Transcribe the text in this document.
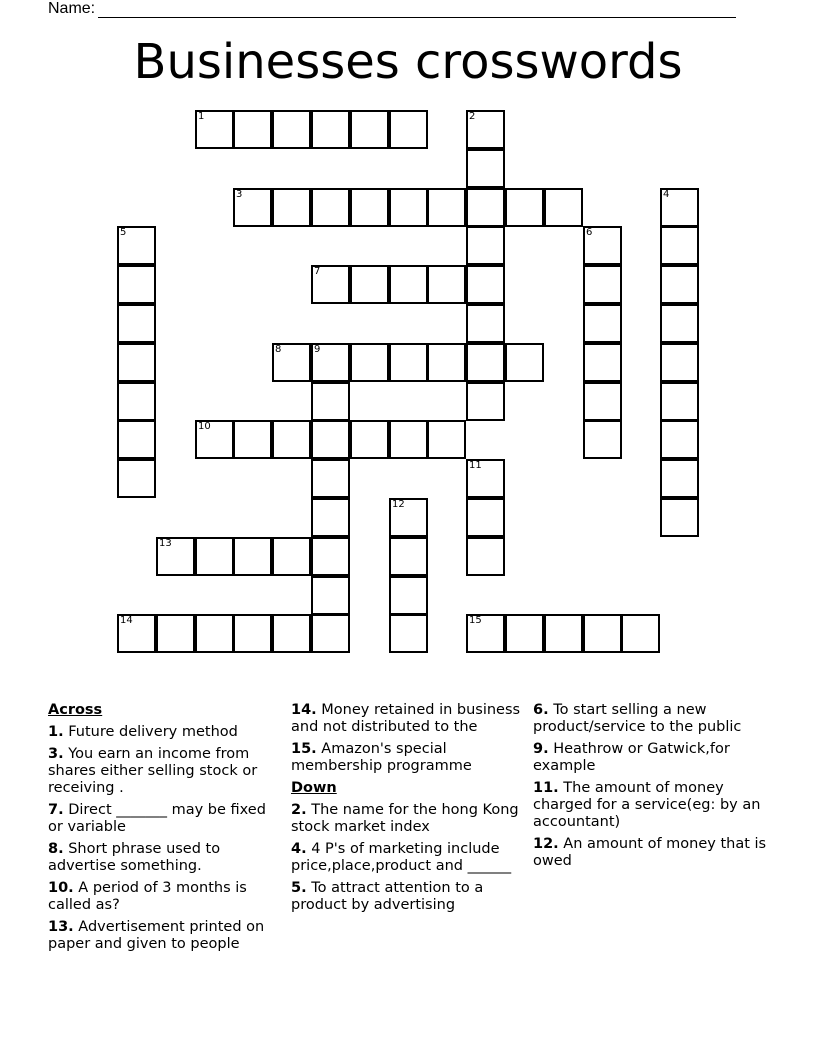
Name:
Businesses crosswords
1
3
7
8	9
10
13
14	15
2
4
5	6
11
12
Across
1. Future delivery method
3. You earn an income from shares either selling stock or receiving .
7. Direct _______ may be fixed or variable
8. Short phrase used to advertise something.
10. A period of 3 months is called as?
13. Advertisement printed on paper and given to people
14. Money retained in business and not distributed to the
15. Amazon's special membership programme
Down
2. The name for the hong Kong stock market index
4. 4 P's of marketing include price,place,product and ______
5. To attract attention to a product by advertising
6. To start selling a new product/service to the public
9. Heathrow or Gatwick,for example
11. The amount of money charged for a service(eg: by an accountant)
12. An amount of money that is owed
